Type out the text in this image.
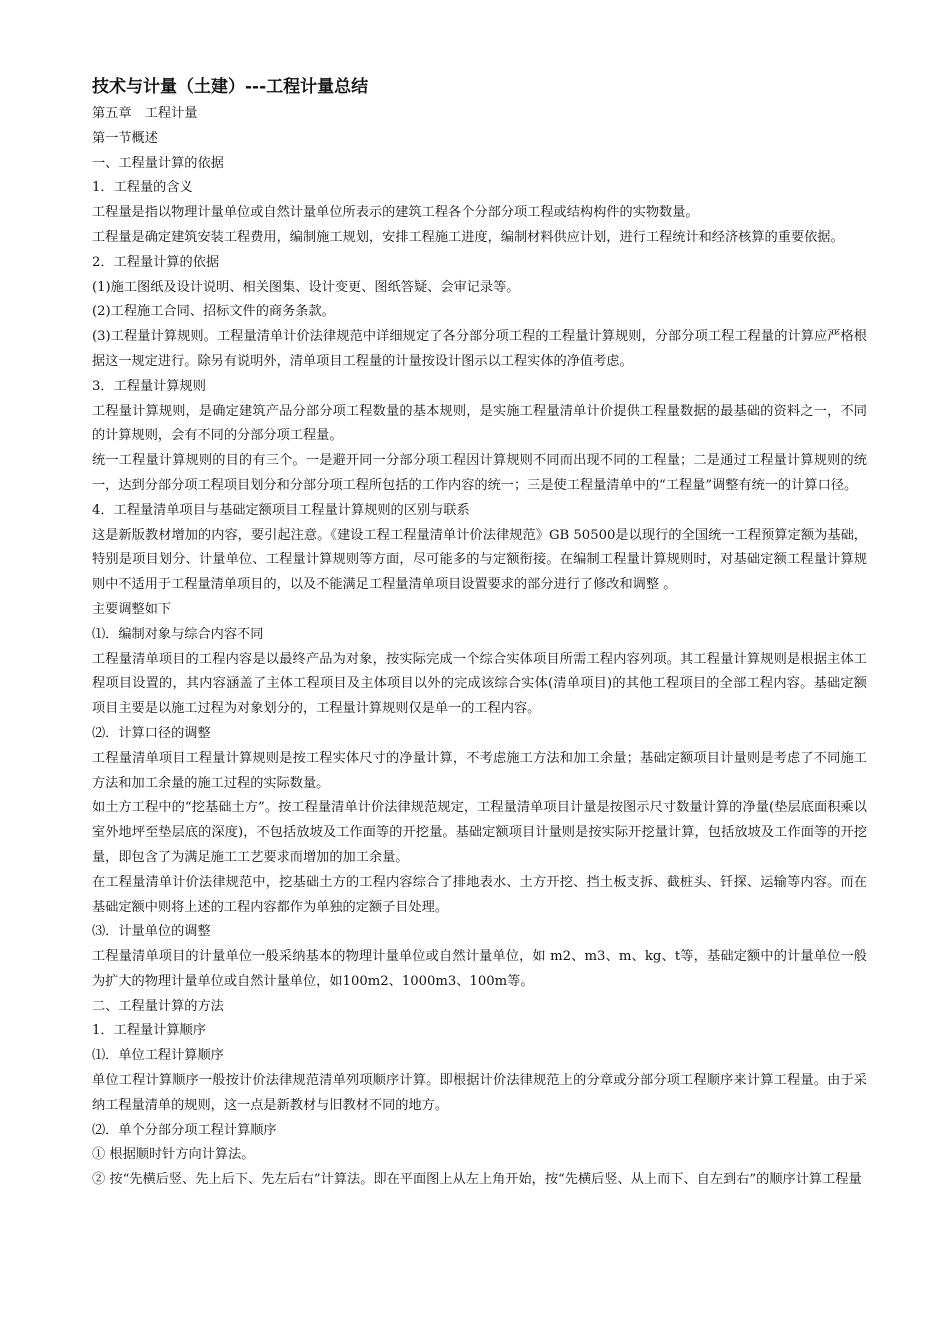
技术与计量（土建）---工程计量总结

第五章　工程计量

第一节概述

一、工程量计算的依据

1．工程量的含义

工程量是指以物理计量单位或自然计量单位所表示的建筑工程各个分部分项工程或结构构件的实物数量。

工程量是确定建筑安装工程费用，编制施工规划，安排工程施工进度，编制材料供应计划，进行工程统计和经济核算的重要依据。

2．工程量计算的依据

(1)施工图纸及设计说明、相关图集、设计变更、图纸答疑、会审记录等。

(2)工程施工合同、招标文件的商务条款。

(3)工程量计算规则。工程量清单计价法律规范中详细规定了各分部分项工程的工程量计算规则，分部分项工程工程量的计算应严格根据这一规定进行。除另有说明外，清单项目工程量的计量按设计图示以工程实体的净值考虑。

3．工程量计算规则

工程量计算规则，是确定建筑产品分部分项工程数量的基本规则，是实施工程量清单计价提供工程量数据的最基础的资料之一，不同的计算规则，会有不同的分部分项工程量。

统一工程量计算规则的目的有三个。一是避开同一分部分项工程因计算规则不同而出现不同的工程量；二是通过工程量计算规则的统一，达到分部分项工程项目划分和分部分项工程所包括的工作内容的统一；三是使工程量清单中的“工程量”调整有统一的计算口径。

4．工程量清单项目与基础定额项目工程量计算规则的区别与联系

这是新版教材增加的内容，要引起注意。《建设工程工程量清单计价法律规范》GB 50500是以现行的全国统一工程预算定额为基础，特别是项目划分、计量单位、工程量计算规则等方面，尽可能多的与定额衔接。在编制工程量计算规则时，对基础定额工程量计算规则中不适用于工程量清单项目的，以及不能满足工程量清单项目设置要求的部分进行了修改和调整 。

主要调整如下

⑴．编制对象与综合内容不同

工程量清单项目的工程内容是以最终产品为对象，按实际完成一个综合实体项目所需工程内容列项。其工程量计算规则是根据主体工程项目设置的，其内容涵盖了主体工程项目及主体项目以外的完成该综合实体(清单项目)的其他工程项目的全部工程内容。基础定额项目主要是以施工过程为对象划分的，工程量计算规则仅是单一的工程内容。

⑵．计算口径的调整

工程量清单项目工程量计算规则是按工程实体尺寸的净量计算，不考虑施工方法和加工余量；基础定额项目计量则是考虑了不同施工方法和加工余量的施工过程的实际数量。

如土方工程中的“挖基础土方”。按工程量清单计价法律规范规定，工程量清单项目计量是按图示尺寸数量计算的净量(垫层底面积乘以室外地坪至垫层底的深度)，不包括放坡及工作面等的开挖量。基础定额项目计量则是按实际开挖量计算，包括放坡及工作面等的开挖量，即包含了为满足施工工艺要求而增加的加工余量。

在工程量清单计价法律规范中，挖基础土方的工程内容综合了排地表水、土方开挖、挡土板支拆、截桩头、钎探、运输等内容。而在基础定额中则将上述的工程内容都作为单独的定额子目处理。

⑶．计量单位的调整

工程量清单项目的计量单位一般采纳基本的物理计量单位或自然计量单位，如 m2、m3、m、kg、t等，基础定额中的计量单位一般为扩大的物理计量单位或自然计量单位，如100m2、1000m3、100m等。

二、工程量计算的方法

1．工程量计算顺序

⑴．单位工程计算顺序

单位工程计算顺序一般按计价法律规范清单列项顺序计算。即根据计价法律规范上的分章或分部分项工程顺序来计算工程量。由于采纳工程量清单的规则，这一点是新教材与旧教材不同的地方。

⑵．单个分部分项工程计算顺序

① 根据顺时针方向计算法。

② 按“先横后竖、先上后下、先左后右”计算法。即在平面图上从左上角开始，按“先横后竖、从上而下、自左到右”的顺序计算工程量
